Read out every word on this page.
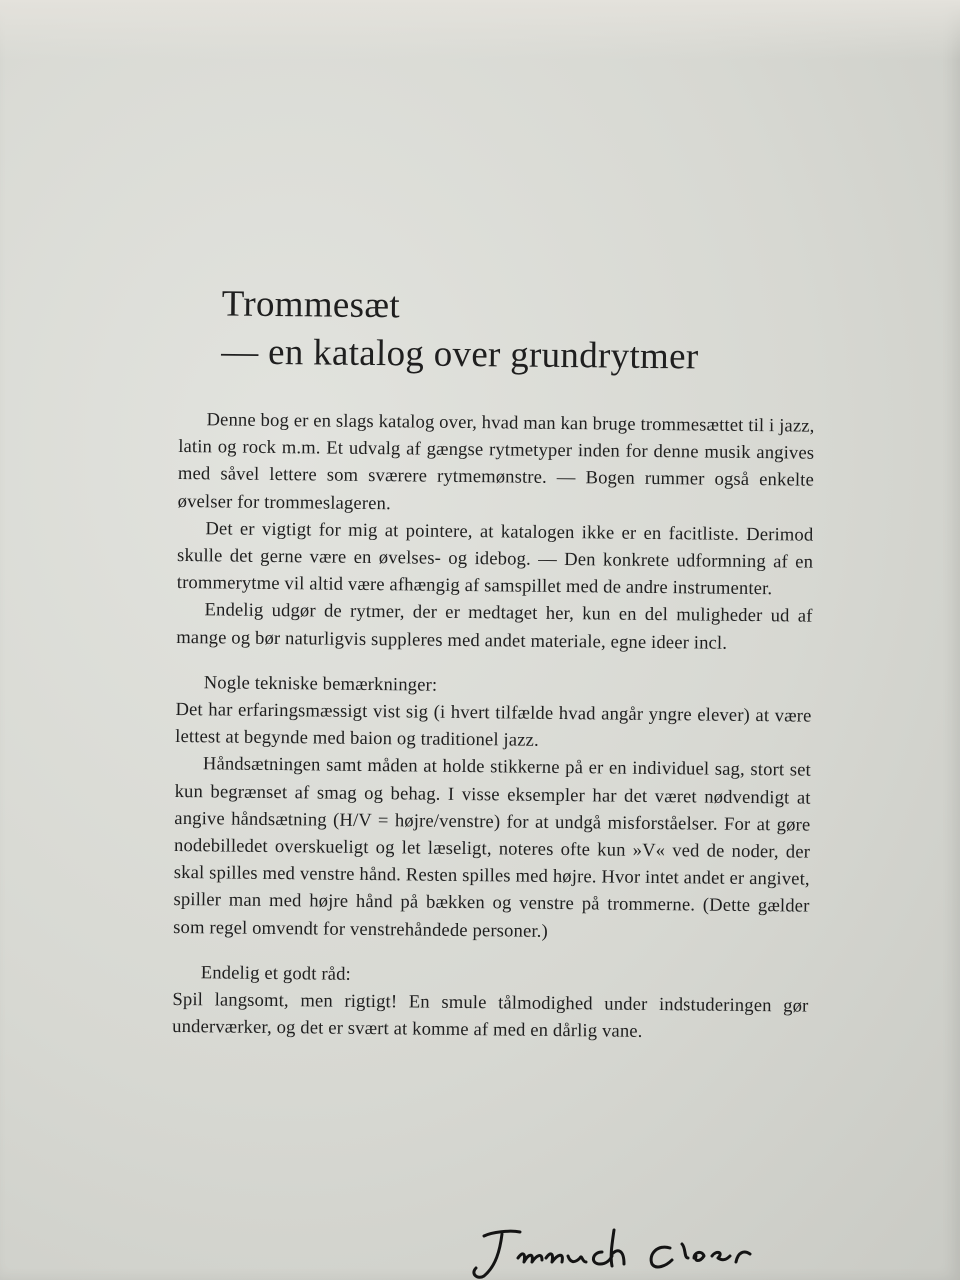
Trommesæt
— en katalog over grundrytmer

Denne bog er en slags katalog over, hvad man kan bruge trommesættet til i jazz, latin og rock m.m. Et udvalg af gængse rytmetyper inden for denne musik angives med såvel lettere som sværere rytmemønstre. — Bogen rummer også enkelte øvelser for trommeslageren.

Det er vigtigt for mig at pointere, at katalogen ikke er en facitliste. Derimod skulle det gerne være en øvelses- og idebog. — Den konkrete udformning af en trommerytme vil altid være afhængig af samspillet med de andre instrumenter.

Endelig udgør de rytmer, der er medtaget her, kun en del muligheder ud af mange og bør naturligvis suppleres med andet materiale, egne ideer incl.

Nogle tekniske bemærkninger:

Det har erfaringsmæssigt vist sig (i hvert tilfælde hvad angår yngre elever) at være lettest at begynde med baion og traditionel jazz.

Håndsætningen samt måden at holde stikkerne på er en individuel sag, stort set kun begrænset af smag og behag. I visse eksempler har det været nødvendigt at angive håndsætning (H/V = højre/venstre) for at undgå misforståelser. For at gøre nodebilledet overskueligt og let læseligt, noteres ofte kun »V« ved de noder, der skal spilles med venstre hånd. Resten spilles med højre. Hvor intet andet er angivet, spiller man med højre hånd på bækken og venstre på trommerne. (Dette gælder som regel omvendt for venstrehåndede personer.)

Endelig et godt råd:

Spil langsomt, men rigtigt! En smule tålmodighed under indstuderingen gør underværker, og det er svært at komme af med en dårlig vane.
